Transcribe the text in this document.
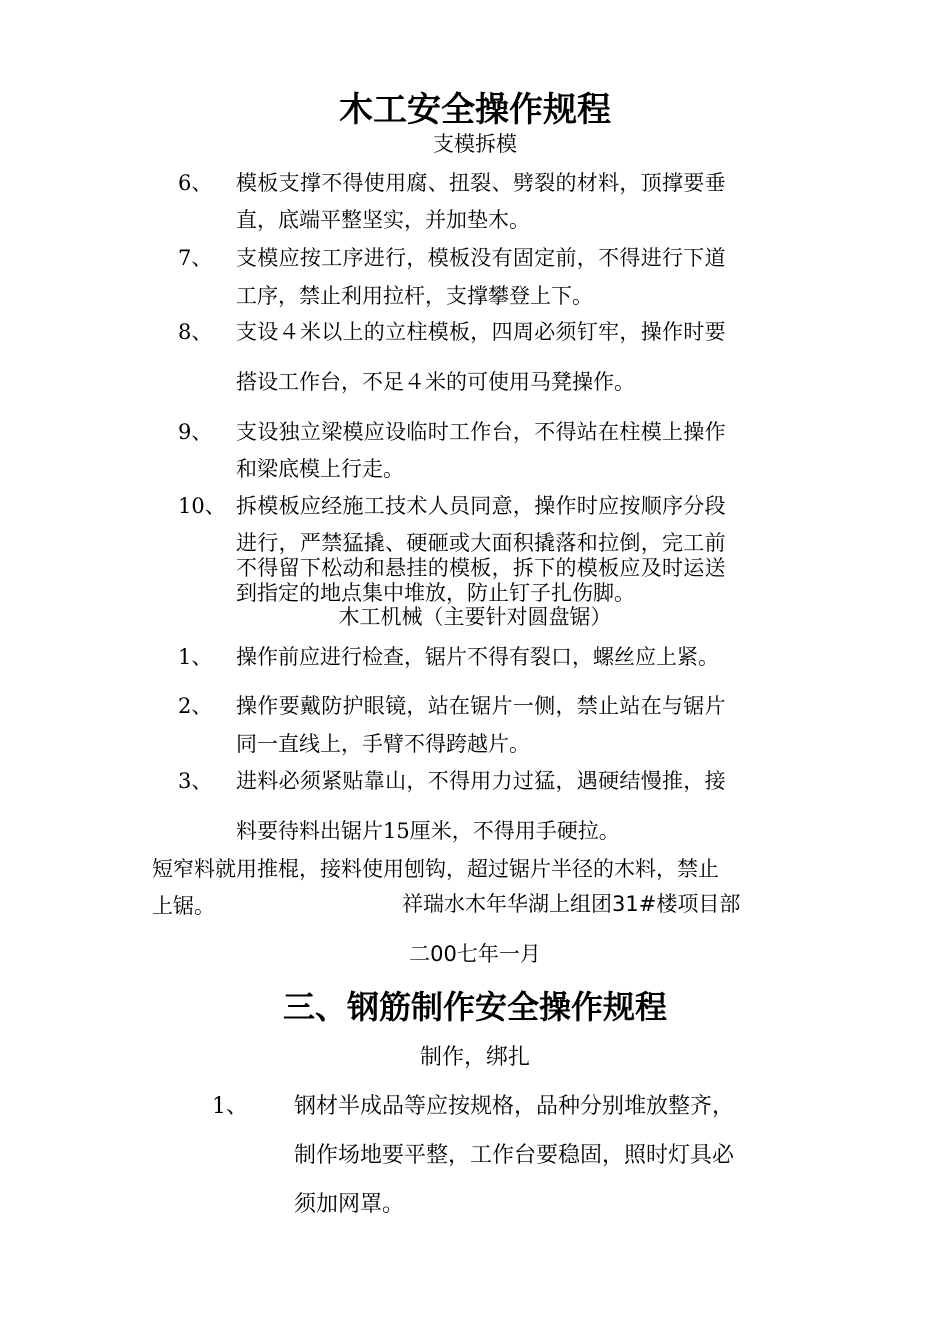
木工安全操作规程
支模拆模
6、 模板支撑不得使用腐、扭裂、劈裂的材料，顶撑要垂
直，底端平整坚实，并加垫木。
7、 支模应按工序进行，模板没有固定前，不得进行下道
工序，禁止利用拉杆，支撑攀登上下。
8、 支设４米以上的立柱模板，四周必须钉牢，操作时要
搭设工作台，不足４米的可使用马凳操作。
9、 支设独立梁模应设临时工作台，不得站在柱模上操作
和梁底模上行走。
10、 拆模板应经施工技术人员同意，操作时应按顺序分段
进行，严禁猛撬、硬砸或大面积撬落和拉倒，完工前
不得留下松动和悬挂的模板，拆下的模板应及时运送
到指定的地点集中堆放，防止钉子扎伤脚。
木工机械（主要针对圆盘锯）
1、 操作前应进行检查，锯片不得有裂口，螺丝应上紧。
2、 操作要戴防护眼镜，站在锯片一侧，禁止站在与锯片
同一直线上，手臂不得跨越片。
3、 进料必须紧贴靠山，不得用力过猛，遇硬结慢推，接
料要待料出锯片15厘米，不得用手硬拉。
短窄料就用推棍，接料使用刨钩，超过锯片半径的木料，禁止
上锯。	祥瑞水木年华湖上组团31#楼项目部
二00七年一月
三、钢筋制作安全操作规程
制作，绑扎
1、 钢材半成品等应按规格，品种分别堆放整齐，
制作场地要平整，工作台要稳固，照时灯具必
须加网罩。
